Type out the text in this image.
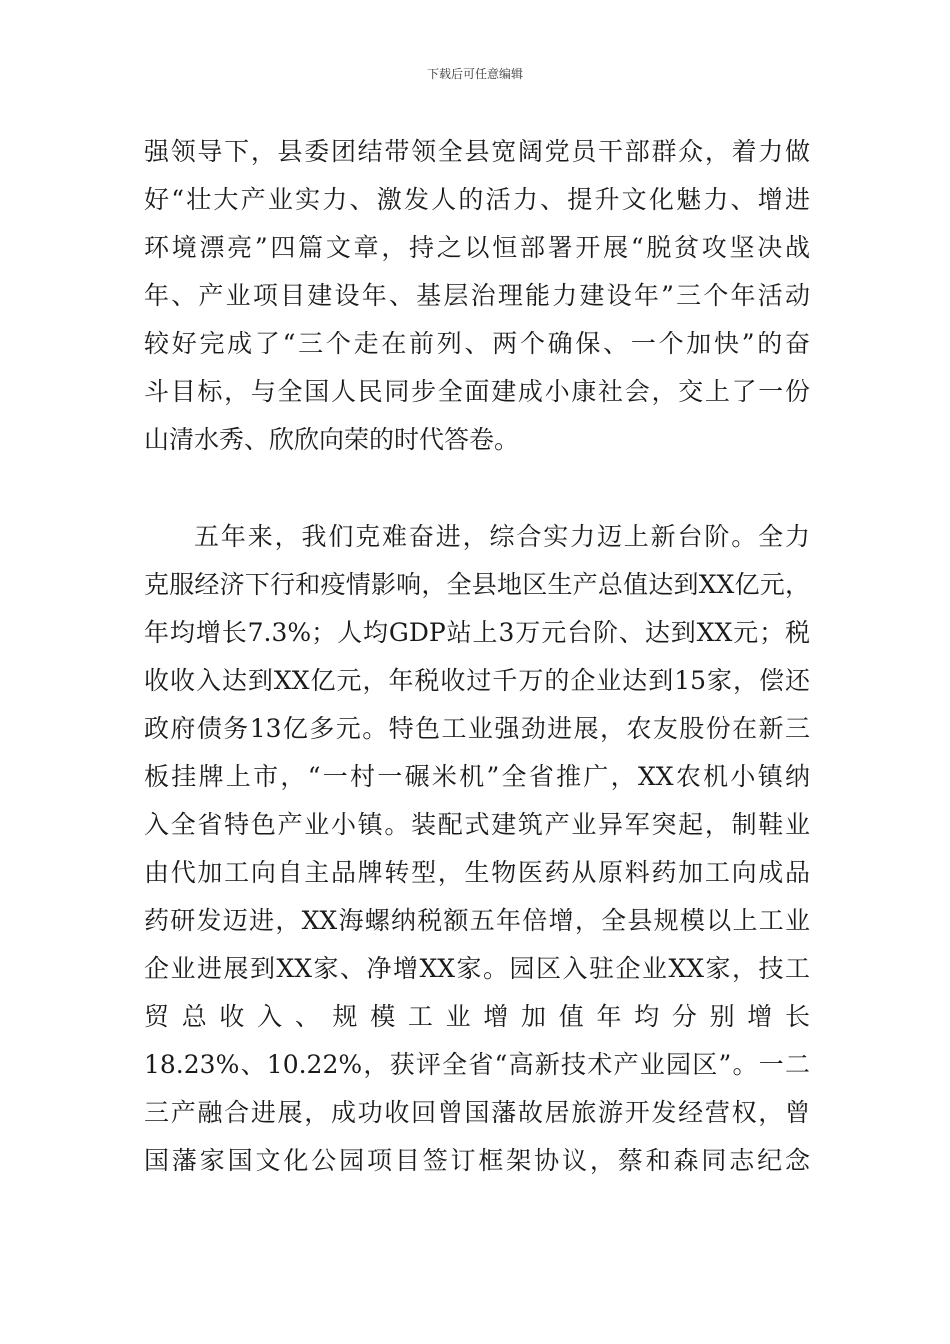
下载后可任意编辑
强领导下，县委团结带领全县宽阔党员干部群众，着力做
好“壮大产业实力、激发人的活力、提升文化魅力、增进
环境漂亮”四篇文章，持之以恒部署开展“脱贫攻坚决战
年、产业项目建设年、基层治理能力建设年”三个年活动
较好完成了“三个走在前列、两个确保、一个加快”的奋
斗目标，与全国人民同步全面建成小康社会，交上了一份
山清水秀、欣欣向荣的时代答卷。
五年来，我们克难奋进，综合实力迈上新台阶。全力
克服经济下行和疫情影响，全县地区生产总值达到XX亿元，
年均增长7.3%；人均GDP站上3万元台阶、达到XX元；税
收收入达到XX亿元，年税收过千万的企业达到15家，偿还
政府债务13亿多元。特色工业强劲进展，农友股份在新三
板挂牌上市，“一村一碾米机”全省推广，XX农机小镇纳
入全省特色产业小镇。装配式建筑产业异军突起，制鞋业
由代加工向自主品牌转型，生物医药从原料药加工向成品
药研发迈进，XX海螺纳税额五年倍增，全县规模以上工业
企业进展到XX家、净增XX家。园区入驻企业XX家，技工
贸总收入、规模工业增加值年均分别增长
18.23%、10.22%，获评全省“高新技术产业园区”。一二
三产融合进展，成功收回曾国藩故居旅游开发经营权，曾
国藩家国文化公园项目签订框架协议，蔡和森同志纪念
